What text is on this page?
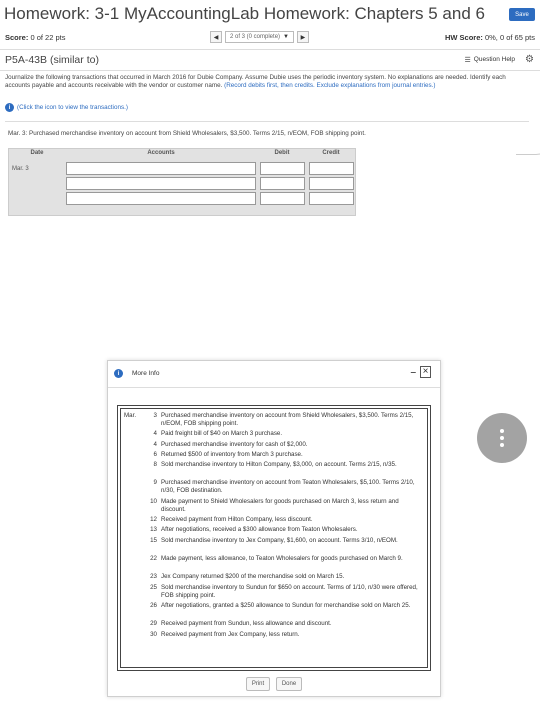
Homework: 3-1 MyAccountingLab Homework: Chapters 5 and 6	Save
Score: 0 of 22 pts	◀ 2 of 3 (0 complete) ▼ ▶	HW Score: 0%, 0 of 65 pts
P5A-43B (similar to)	☰ Question Help ⚙
Journalize the following transactions that occurred in March 2016 for Dubie Company. Assume Dubie uses the periodic inventory system. No explanations are needed. Identify each accounts payable and accounts receivable with the vendor or customer name. (Record debits first, then credits. Exclude explanations from journal entries.)
i	(Click the icon to view the transactions.)
Mar. 3: Purchased merchandise inventory on account from Shield Wholesalers, $3,500. Terms 2/15, n/EOM, FOB shipping point.
Date	Accounts	Debit	Credit
Mar. 3
i	More Info	– ×
Mar.	3 Purchased merchandise inventory on account from Shield Wholesalers, $3,500. Terms 2/15, n/EOM, FOB shipping point.
4 Paid freight bill of $40 on March 3 purchase.
4 Purchased merchandise inventory for cash of $2,000.
6 Returned $500 of inventory from March 3 purchase.
8 Sold merchandise inventory to Hilton Company, $3,000, on account. Terms 2/15, n/35.
9 Purchased merchandise inventory on account from Teaton Wholesalers, $5,100. Terms 2/10, n/30, FOB destination.
10 Made payment to Shield Wholesalers for goods purchased on March 3, less return and discount.
12 Received payment from Hilton Company, less discount.
13 After negotiations, received a $300 allowance from Teaton Wholesalers.
15 Sold merchandise inventory to Jex Company, $1,600, on account. Terms 3/10, n/EOM.
22 Made payment, less allowance, to Teaton Wholesalers for goods purchased on March 9.
23 Jex Company returned $200 of the merchandise sold on March 15.
25 Sold merchandise inventory to Sundun for $650 on account. Terms of 1/10, n/30 were offered, FOB shipping point.
26 After negotiations, granted a $250 allowance to Sundun for merchandise sold on March 25.
29 Received payment from Sundun, less allowance and discount.
30 Received payment from Jex Company, less return.
Print	Done
